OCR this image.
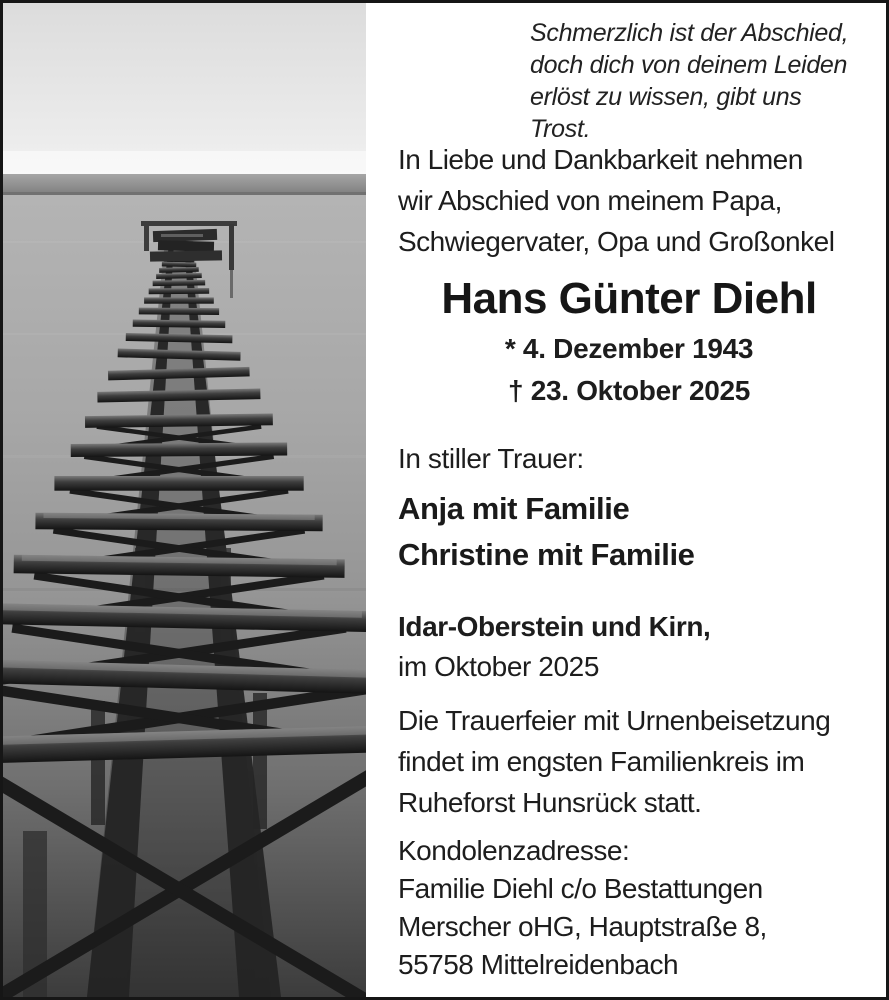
Schmerzlich ist der Abschied,
doch dich von deinem Leiden
erlöst zu wissen, gibt uns Trost.
In Liebe und Dankbarkeit nehmen
wir Abschied von meinem Papa,
Schwiegervater, Opa und Großonkel
Hans Günter Diehl
* 4. Dezember 1943
† 23. Oktober 2025
In stiller Trauer:
Anja mit Familie
Christine mit Familie
Idar-Oberstein und Kirn,
im Oktober 2025
Die Trauerfeier mit Urnenbeisetzung
findet im engsten Familienkreis im
Ruheforst Hunsrück statt.
Kondolenzadresse:
Familie Diehl c/o Bestattungen
Merscher oHG, Hauptstraße 8,
55758 Mittelreidenbach
